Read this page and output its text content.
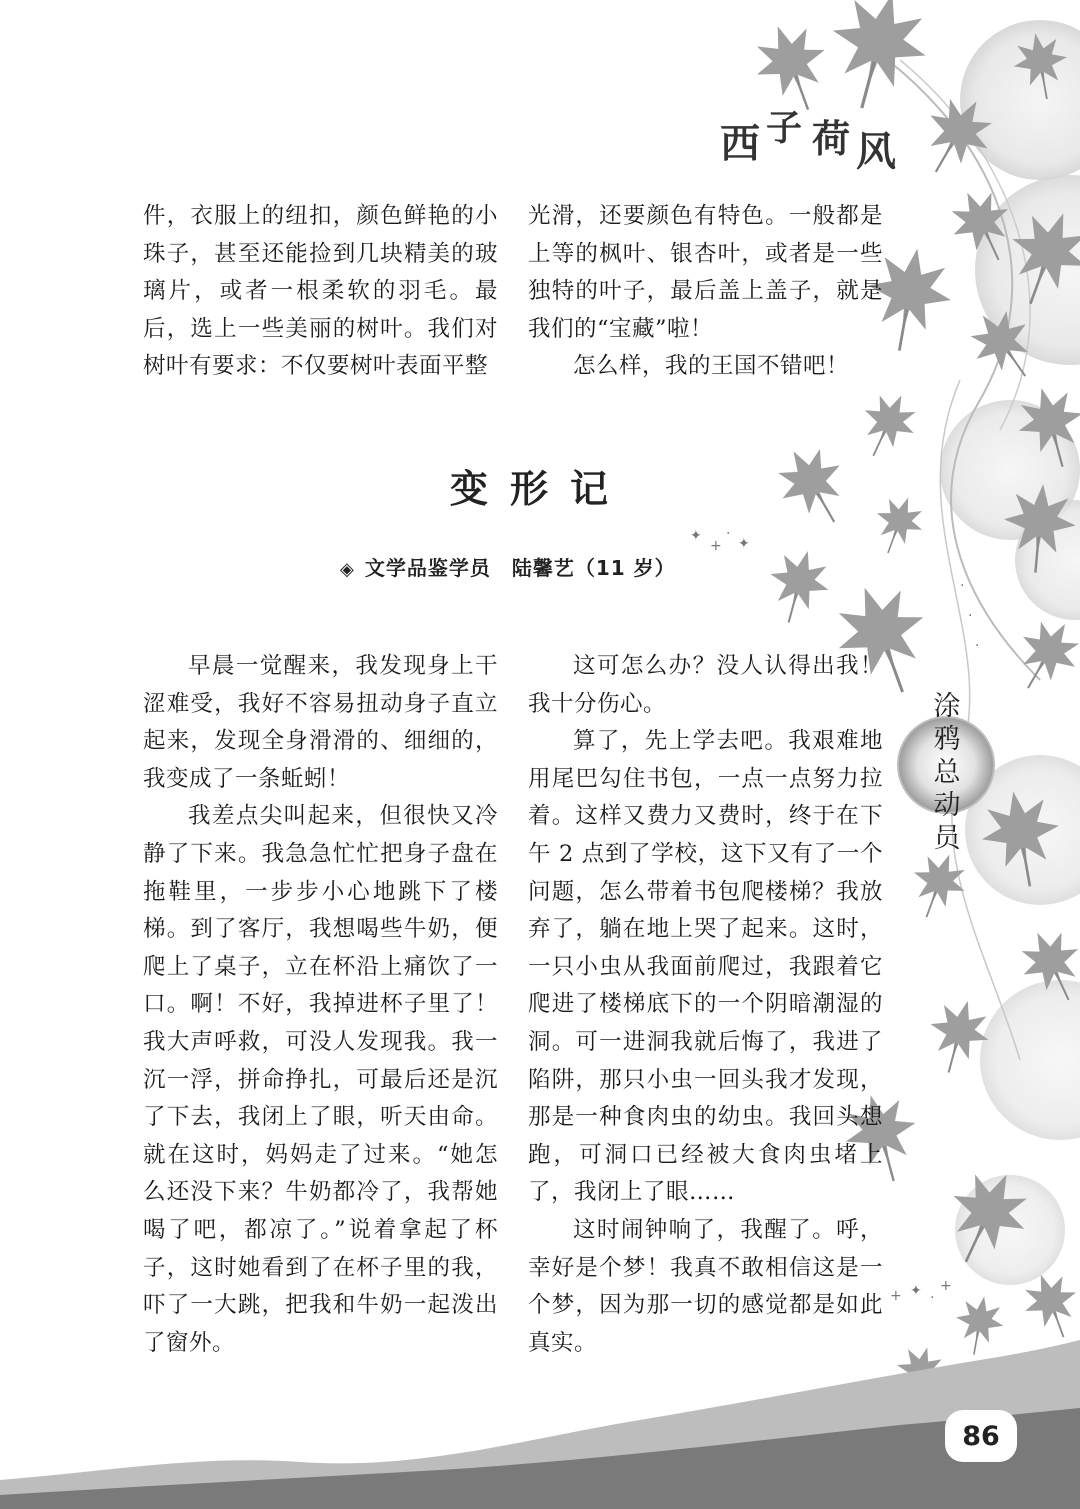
✦
+
·
✦
+ ✦ ·
+
·
·
·
西 子 荷 风

件，衣服上的纽扣，颜色鲜艳的小珠子，甚至还能捡到几块精美的玻璃片，或者一根柔软的羽毛。最后，选上一些美丽的树叶。我们对树叶有要求：不仅要树叶表面平整

光滑，还要颜色有特色。一般都是上等的枫叶、银杏叶，或者是一些独特的叶子，最后盖上盖子，就是我们的“宝藏”啦！

怎么样，我的王国不错吧！

变形记
◈ 文学品鉴学员　陆馨艺（11 岁）

早晨一觉醒来，我发现身上干涩难受，我好不容易扭动身子直立起来，发现全身滑滑的、细细的，我变成了一条蚯蚓！

我差点尖叫起来，但很快又冷静了下来。我急急忙忙把身子盘在拖鞋里，一步步小心地跳下了楼梯。到了客厅，我想喝些牛奶，便爬上了桌子，立在杯沿上痛饮了一口。啊！不好，我掉进杯子里了！我大声呼救，可没人发现我。我一沉一浮，拼命挣扎，可最后还是沉了下去，我闭上了眼，听天由命。就在这时，妈妈走了过来。“她怎么还没下来？牛奶都冷了，我帮她喝了吧，都凉了。”说着拿起了杯子，这时她看到了在杯子里的我，吓了一大跳，把我和牛奶一起泼出了窗外。

这可怎么办？没人认得出我！我十分伤心。

算了，先上学去吧。我艰难地用尾巴勾住书包，一点一点努力拉着。这样又费力又费时，终于在下午 2 点到了学校，这下又有了一个问题，怎么带着书包爬楼梯？我放弃了，躺在地上哭了起来。这时，一只小虫从我面前爬过，我跟着它爬进了楼梯底下的一个阴暗潮湿的洞。可一进洞我就后悔了，我进了陷阱，那只小虫一回头我才发现，那是一种食肉虫的幼虫。我回头想跑，可洞口已经被大食肉虫堵上了，我闭上了眼……

这时闹钟响了，我醒了。呼，幸好是个梦！我真不敢相信这是一个梦，因为那一切的感觉都是如此真实。

涂
鸦
总
动
员
86
